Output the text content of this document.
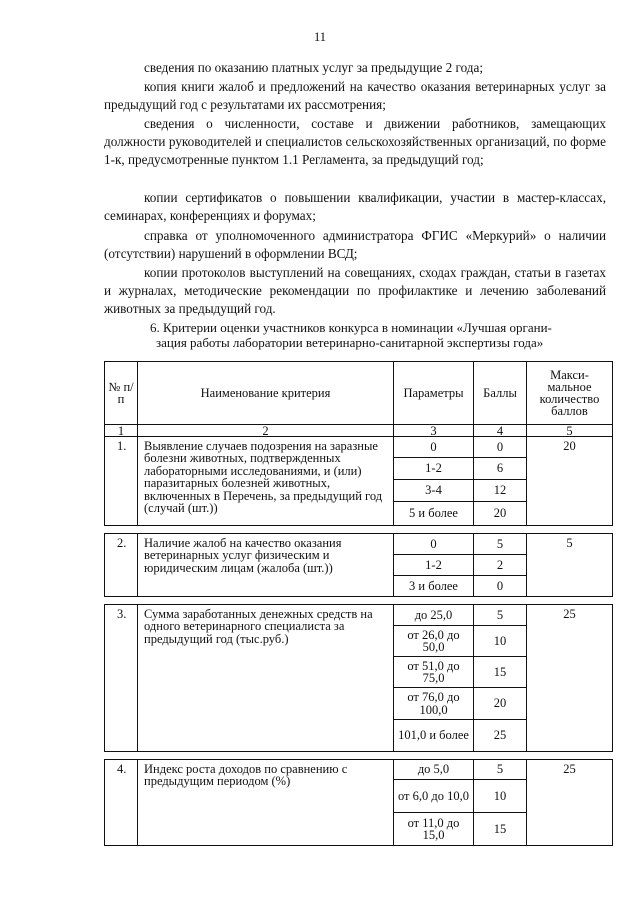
11
сведения по оказанию платных услуг за предыдущие 2 года;
копия книги жалоб и предложений на качество оказания ветеринарных услуг за предыдущий год с результатами их рассмотрения;
сведения о численности, составе и движении работников, замещающих должности руководителей и специалистов сельскохозяйственных организаций, по форме 1-к, предусмотренные пунктом 1.1 Регламента, за предыдущий год;
копии сертификатов о повышении квалификации, участии в мастер-классах, семинарах, конференциях и форумах;
справка от уполномоченного администратора ФГИС «Меркурий» о наличии (отсутствии) нарушений в оформлении ВСД;
копии протоколов выступлений на совещаниях, сходах граждан, статьи в газетах и журналах, методические рекомендации по профилактике и лечению заболеваний животных за предыдущий год.
6. Критерии оценки участников конкурса в номинации «Лучшая органи-
зация работы лаборатории ветеринарно-санитарной экспертизы года»
№ п/п	Наименование критерия	Параметры	Баллы	Макси-мальное количество баллов
1	2	3	4	5
1.	Выявление случаев подозрения на заразные болезни животных, подтвержденных лабораторными исследованиями, и (или) паразитарных болезней животных, включенных в Перечень, за предыдущий год (случай (шт.))	0	0	20
		1-2	6	
		3-4	12	
		5 и более	20	

2.	Наличие жалоб на качество оказания ветеринарных услуг физическим и юридическим лицам (жалоба (шт.))	0	5	5
		1-2	2	
		3 и более	0	

3.	Сумма заработанных денежных средств на одного ветеринарного специалиста за предыдущий год (тыс.руб.)	до 25,0	5	25
		от 26,0 до 50,0	10	
		от 51,0 до 75,0	15	
		от 76,0 до 100,0	20	
		101,0 и более	25	

4.	Индекс роста доходов по сравнению с предыдущим периодом (%)	до 5,0	5	25
		от 6,0 до 10,0	10	
		от 11,0 до 15,0	15	
